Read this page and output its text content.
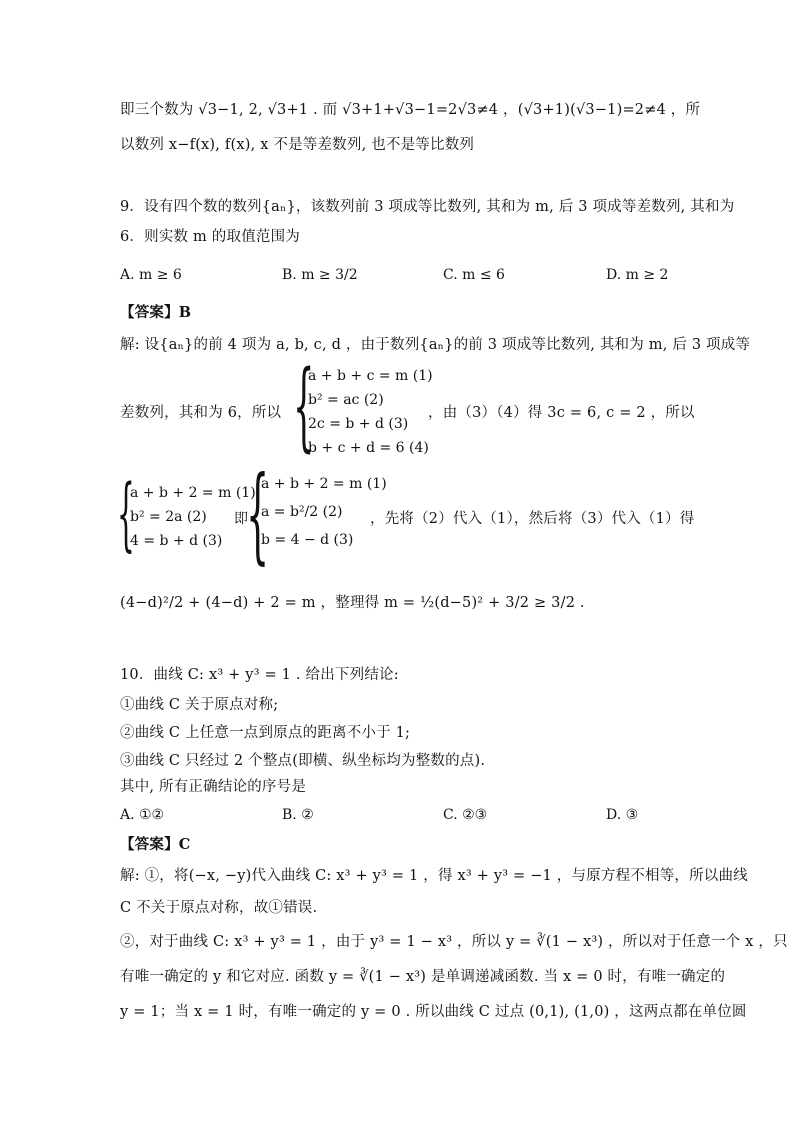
即三个数为 √3−1, 2, √3+1 . 而 √3+1+√3−1=2√3≠4 ，(√3+1)(√3−1)=2≠4 ，所
以数列 x−f(x), f(x), x 不是等差数列, 也不是等比数列
9．设有四个数的数列{aₙ}，该数列前 3 项成等比数列, 其和为 m, 后 3 项成等差数列, 其和为
6．则实数 m 的取值范围为
A. m ≥ 6	B. m ≥ 3/2	C. m ≤ 6	D. m ≥ 2
【答案】B
解: 设{aₙ}的前 4 项为 a, b, c, d ，由于数列{aₙ}的前 3 项成等比数列, 其和为 m, 后 3 项成等
差数列，其和为 6，所以 {
a + b + c = m (1)
b² = ac (2)
2c = b + d (3)
b + c + d = 6 (4)
，由（3）（4）得 3c = 6, c = 2 ，所以
{
a + b + 2 = m (1)
b² = 2a (2)
4 = b + d (3)
即
{
a + b + 2 = m (1)
a = b²/2 (2)
b = 4 − d (3)
，先将（2）代入（1），然后将（3）代入（1）得
(4−d)²/2 + (4−d) + 2 = m ，整理得 m = ½(d−5)² + 3/2 ≥ 3/2 .
10．曲线 C: x³ + y³ = 1 . 给出下列结论:
①曲线 C 关于原点对称;
②曲线 C 上任意一点到原点的距离不小于 1;
③曲线 C 只经过 2 个整点(即横、纵坐标均为整数的点).
其中, 所有正确结论的序号是
A. ①②	B. ②	C. ②③	D. ③
【答案】C
解: ①，将(−x, −y)代入曲线 C: x³ + y³ = 1 ，得 x³ + y³ = −1 ，与原方程不相等，所以曲线
C 不关于原点对称，故①错误.
②，对于曲线 C: x³ + y³ = 1 ，由于 y³ = 1 − x³ ，所以 y = ∛(1 − x³) ，所以对于任意一个 x ，只
有唯一确定的 y 和它对应. 函数 y = ∛(1 − x³) 是单调递减函数. 当 x = 0 时，有唯一确定的
y = 1；当 x = 1 时，有唯一确定的 y = 0 . 所以曲线 C 过点 (0,1), (1,0) ，这两点都在单位圆
